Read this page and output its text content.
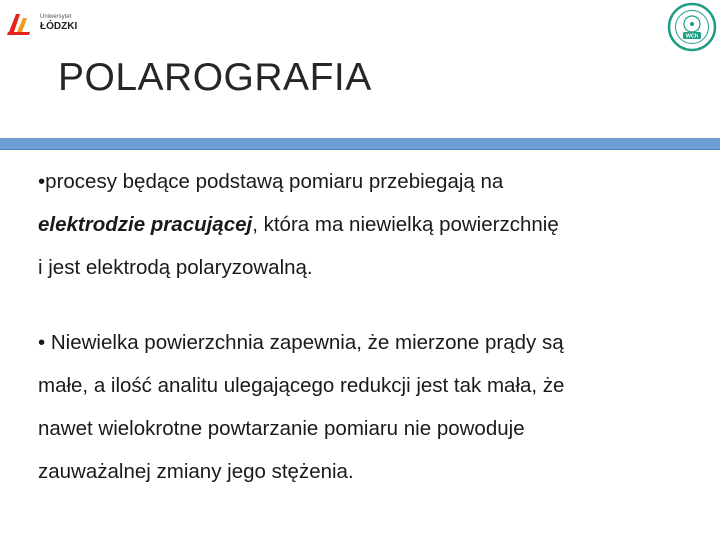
Uniwersytet
ŁÓDZKI
WCh
POLAROGRAFIA

•procesy będące podstawą pomiaru przebiegają na
elektrodzie pracującej, która ma niewielką powierzchnię
i jest elektrodą polaryzowalną.

• Niewielka powierzchnia zapewnia, że mierzone prądy są
małe, a ilość analitu ulegającego redukcji jest tak mała, że
nawet wielokrotne powtarzanie pomiaru nie powoduje
zauważalnej zmiany jego stężenia.
